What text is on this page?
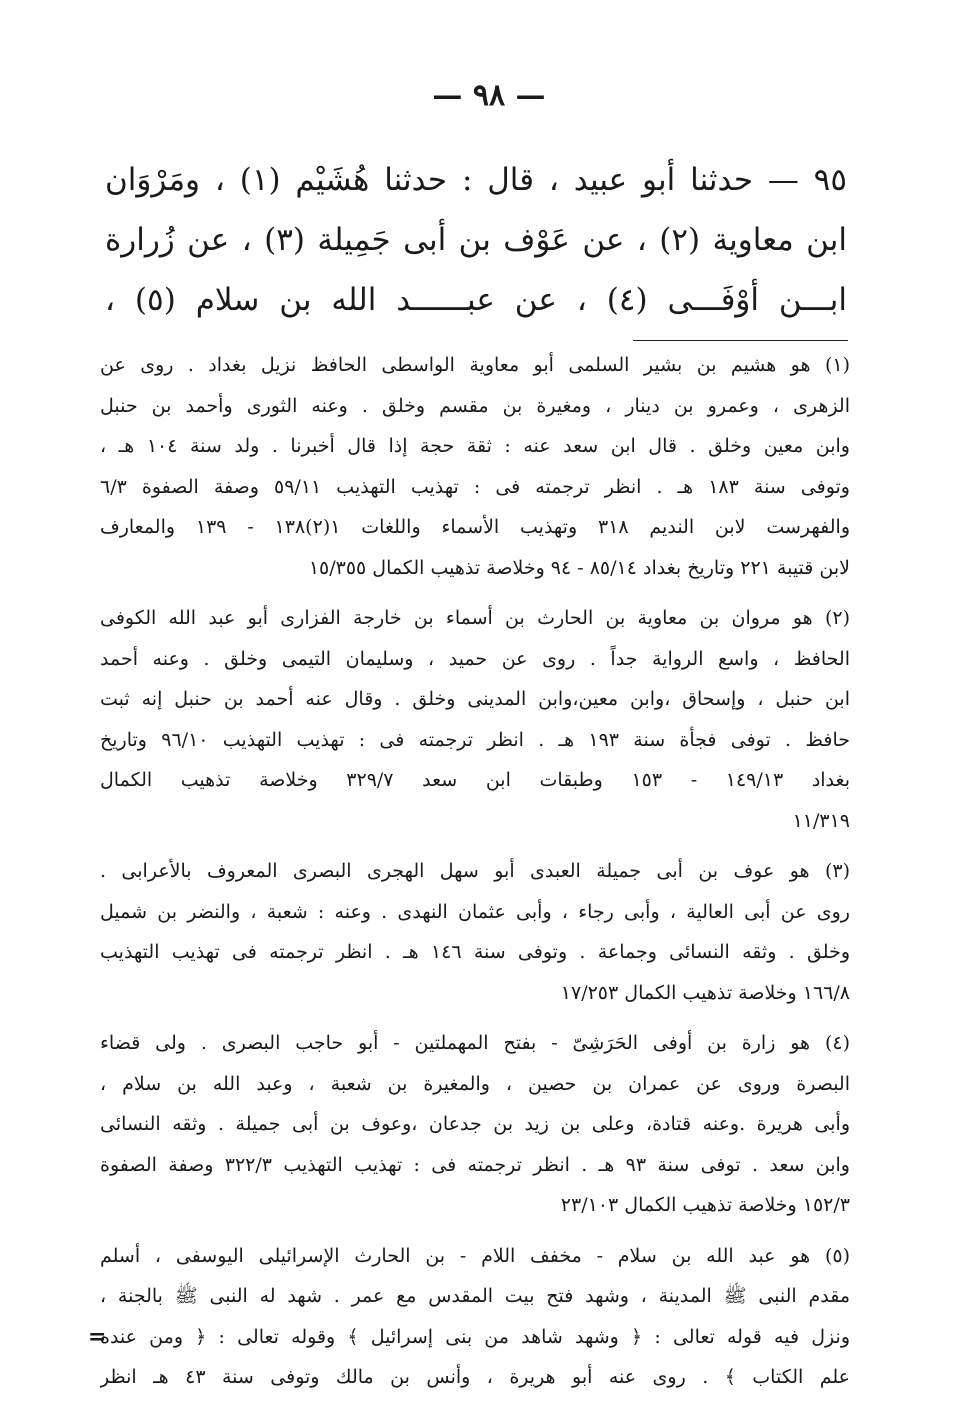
— ٩٨ —

٩٥ — حدثنا أبو عبيد ، قال : حدثنا هُشَيْم (١) ، ومَرْوَان

ابن معاوية (٢) ، عن عَوْف بن أبى جَمِيلة (٣) ، عن زُرارة

ابـــن أوْفَـــى (٤) ، عن عبــــــد الله بن سلام (٥) ،

(١) هو هشيم بن بشير السلمى أبو معاوية الواسطى الحافظ نزيل بغداد . روى عن

الزهرى ، وعمرو بن دينار ، ومغيرة بن مقسم وخلق . وعنه الثورى وأحمد بن حنبل

وابن معين وخلق . قال ابن سعد عنه : ثقة حجة إذا قال أخبرنا . ولد سنة ١٠٤ هـ ،

وتوفى سنة ١٨٣ هـ . انظر ترجمته فى : تهذيب التهذيب ٥٩/١١ وصفة الصفوة ٦/٣

والفهرست لابن النديم ٣١٨ وتهذيب الأسماء واللغات ١(٢)١٣٨ - ١٣٩ والمعارف

لابن قتيبة ٢٢١ وتاريخ بغداد ٨٥/١٤ - ٩٤ وخلاصة تذهيب الكمال ١٥/٣٥٥

(٢) هو مروان بن معاوية بن الحارث بن أسماء بن خارجة الفزارى أبو عبد الله الكوفى

الحافظ ، واسع الرواية جداً . روى عن حميد ، وسليمان التيمى وخلق . وعنه أحمد

ابن حنبل ، وإسحاق ،وابن معين،وابن المدينى وخلق . وقال عنه أحمد بن حنبل إنه ثبت

حافظ . توفى فجأة سنة ١٩٣ هـ . انظر ترجمته فى : تهذيب التهذيب ٩٦/١٠ وتاريخ

بغداد ١٤٩/١٣ - ١٥٣ وطبقات ابن سعد ٣٢٩/٧ وخلاصة تذهيب الكمال

١١/٣١٩

(٣) هو عوف بن أبى جميلة العبدى أبو سهل الهجرى البصرى المعروف بالأعرابى .

روى عن أبى العالية ، وأبى رجاء ، وأبى عثمان النهدى . وعنه : شعبة ، والنضر بن شميل

وخلق . وثقه النسائى وجماعة . وتوفى سنة ١٤٦ هـ . انظر ترجمته فى تهذيب التهذيب

١٦٦/٨ وخلاصة تذهيب الكمال ١٧/٢٥٣

(٤) هو زارة بن أوفى الحَرَشِىّ - بفتح المهملتين - أبو حاجب البصرى . ولى قضاء

البصرة وروى عن عمران بن حصين ، والمغيرة بن شعبة ، وعبد الله بن سلام ،

وأبى هريرة .وعنه قتادة، وعلى بن زيد بن جدعان ،وعوف بن أبى جميلة . وثقه النسائى

وابن سعد . توفى سنة ٩٣ هـ . انظر ترجمته فى : تهذيب التهذيب ٣٢٢/٣ وصفة الصفوة

١٥٢/٣ وخلاصة تذهيب الكمال ٢٣/١٠٣

(٥) هو عبد الله بن سلام - مخفف اللام - بن الحارث الإسرائيلى اليوسفى ، أسلم

مقدم النبى ﷺ المدينة ، وشهد فتح بيت المقدس مع عمر . شهد له النبى ﷺ بالجنة ،

ونزل فيه قوله تعالى : ﴿ وشهد شاهد من بنى إسرائيل ﴾ وقوله تعالى : ﴿ ومن عنده

علم الكتاب ﴾ . روى عنه أبو هريرة ، وأنس بن مالك وتوفى سنة ٤٣ هـ انظر

=
